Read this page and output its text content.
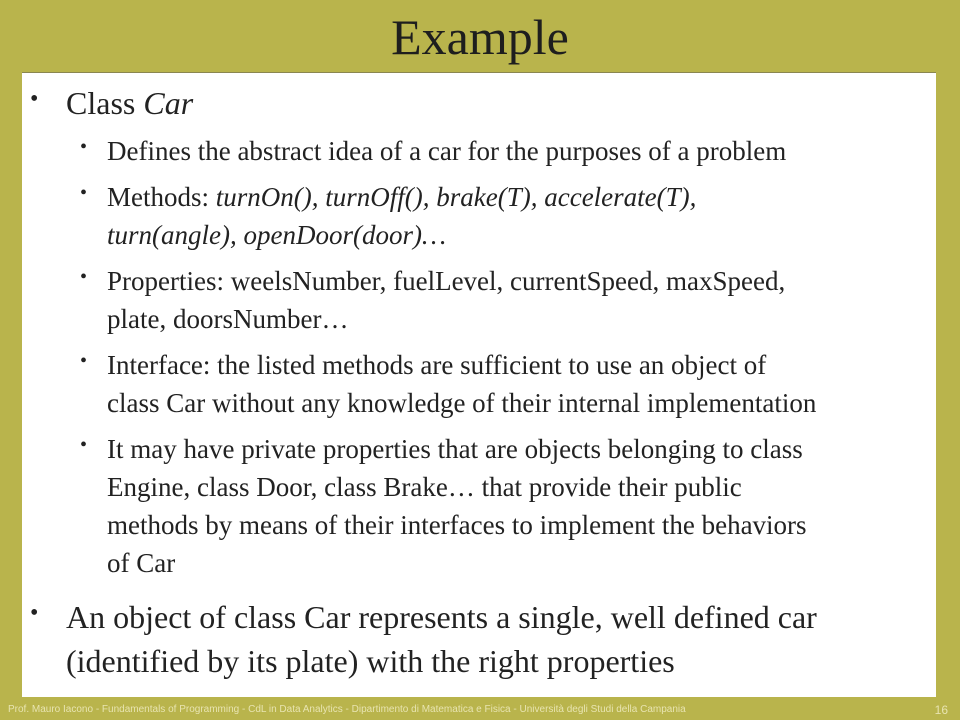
Example
• Class Car
• Defines the abstract idea of a car for the purposes of a problem
• Methods: turnOn(), turnOff(), brake(T), accelerate(T),
turn(angle), openDoor(door)…
• Properties: weelsNumber, fuelLevel, currentSpeed, maxSpeed,
plate, doorsNumber…
• Interface: the listed methods are sufficient to use an object of
class Car without any knowledge of their internal implementation
• It may have private properties that are objects belonging to class
Engine, class Door, class Brake… that provide their public
methods by means of their interfaces to implement the behaviors
of Car
• An object of class Car represents a single, well defined car
(identified by its plate) with the right properties
Prof. Mauro Iacono - Fundamentals of Programming - CdL in Data Analytics - Dipartimento di Matematica e Fisica - Università degli Studi della Campania	16
